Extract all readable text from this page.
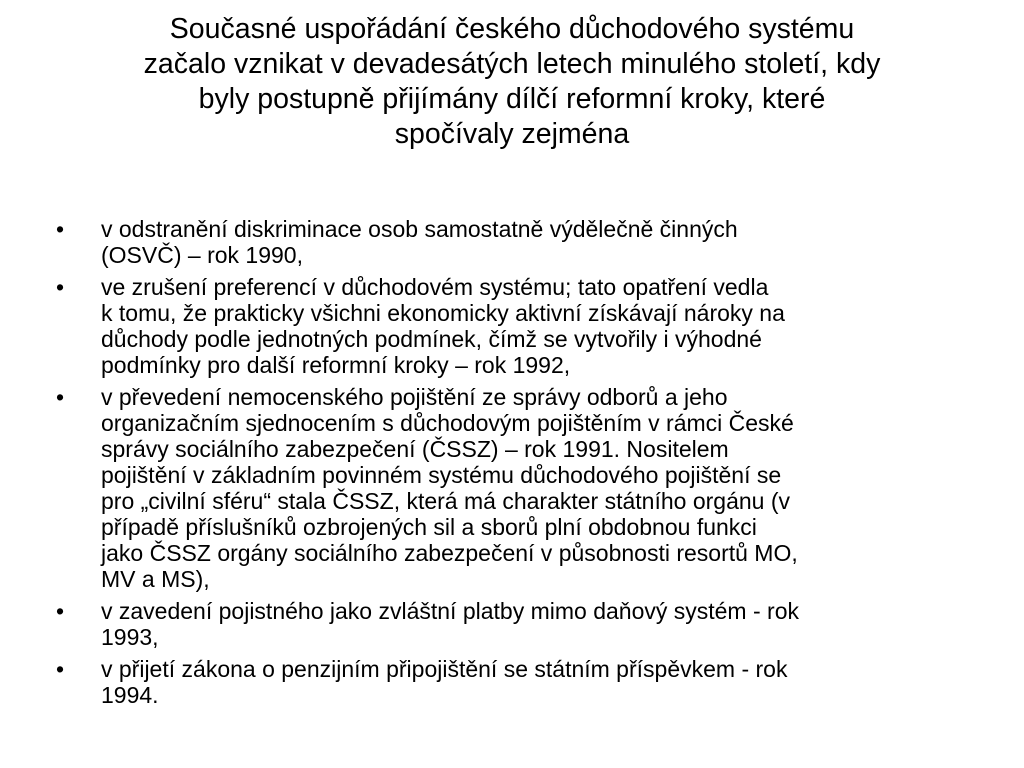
Současné uspořádání českého důchodového systému
začalo vznikat v devadesátých letech minulého století, kdy
byly postupně přijímány dílčí reformní kroky, které
spočívaly zejména
•	v odstranění diskriminace osob samostatně výdělečně činných
(OSVČ) – rok 1990,
•	ve zrušení preferencí v důchodovém systému; tato opatření vedla
k tomu, že prakticky všichni ekonomicky aktivní získávají nároky na
důchody podle jednotných podmínek, čímž se vytvořily i výhodné
podmínky pro další reformní kroky – rok 1992,
•	v převedení nemocenského pojištění ze správy odborů a jeho
organizačním sjednocením s důchodovým pojištěním v rámci České
správy sociálního zabezpečení (ČSSZ) – rok 1991. Nositelem
pojištění v základním povinném systému důchodového pojištění se
pro „civilní sféru“ stala ČSSZ, která má charakter státního orgánu (v
případě příslušníků ozbrojených sil a sborů plní obdobnou funkci
jako ČSSZ orgány sociálního zabezpečení v působnosti resortů MO,
MV a MS),
•	v zavedení pojistného jako zvláštní platby mimo daňový systém - rok
1993,
•	v přijetí zákona o penzijním připojištění se státním příspěvkem - rok
1994.
